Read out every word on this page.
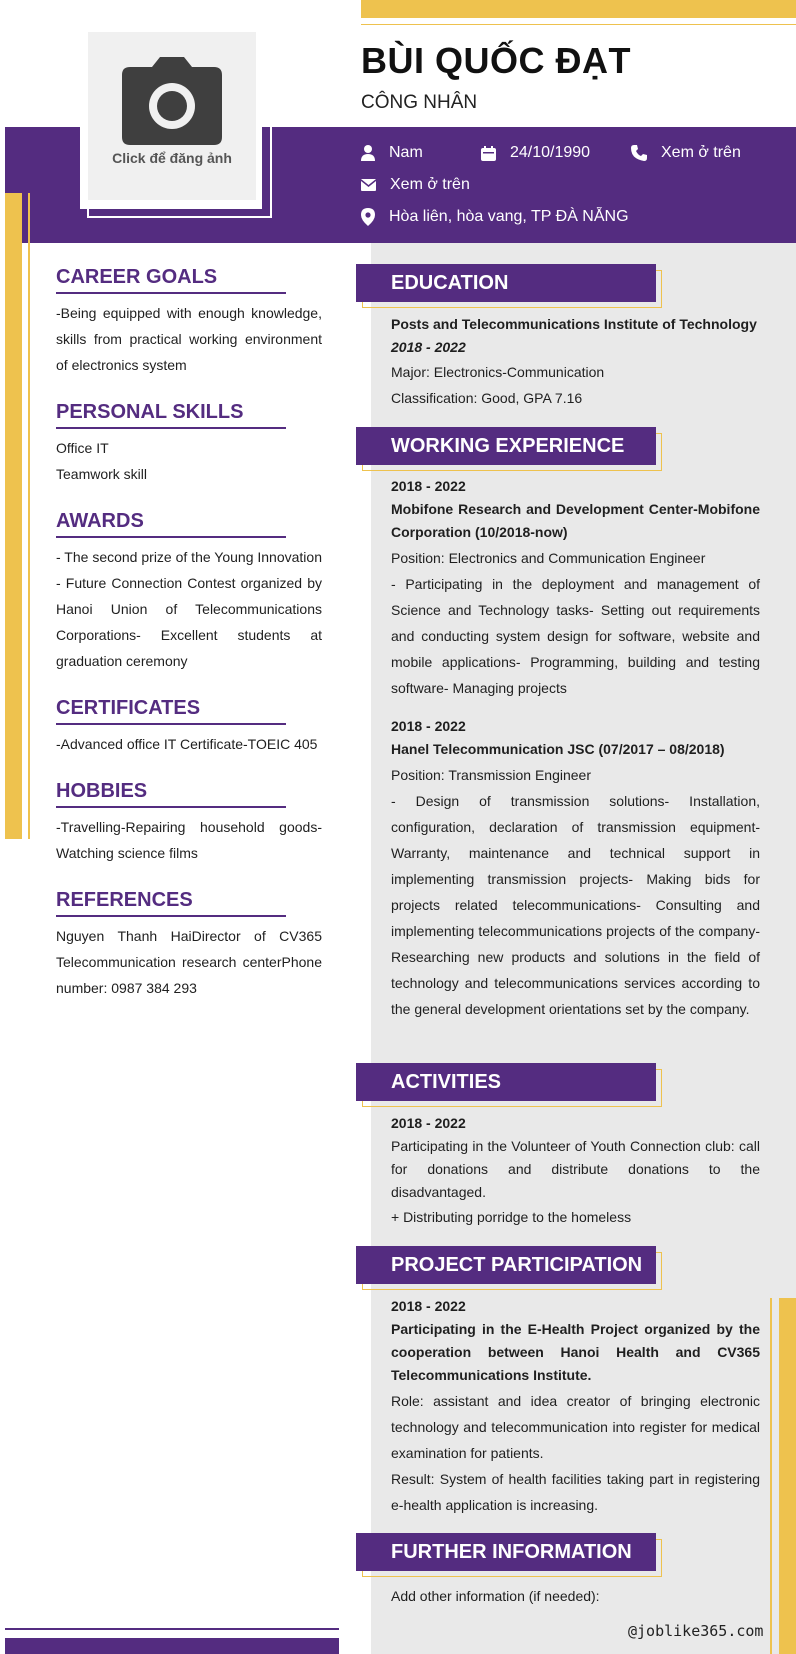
Click để đăng ảnh
BÙI QUỐC ĐẠT
CÔNG NHÂN
Nam	24/10/1990	Xem ở trên
Xem ở trên
Hòa liên, hòa vang, TP ĐÀ NẴNG
CAREER GOALS
-Being equipped with enough knowledge, skills from practical working environment of electronics system
PERSONAL SKILLS
Office IT
Teamwork skill
AWARDS
- The second prize of the Young Innovation - Future Connection Contest organized by Hanoi Union of Telecommunications Corporations- Excellent students at graduation ceremony
CERTIFICATES
-Advanced office IT Certificate-TOEIC 405
HOBBIES
-Travelling-Repairing household goods-Watching science films
REFERENCES
Nguyen Thanh HaiDirector of CV365 Telecommunication research centerPhone number: 0987 384 293
EDUCATION
Posts and Telecommunications Institute of Technology
2018 - 2022
Major: Electronics-Communication
Classification: Good, GPA 7.16
WORKING EXPERIENCE
2018 - 2022
Mobifone Research and Development Center-Mobifone Corporation (10/2018-now)
Position: Electronics and Communication Engineer
- Participating in the deployment and management of Science and Technology tasks- Setting out requirements and conducting system design for software, website and mobile applications- Programming, building and testing software- Managing projects
2018 - 2022
Hanel Telecommunication JSC (07/2017 – 08/2018)
Position: Transmission Engineer
- Design of transmission solutions- Installation, configuration, declaration of transmission equipment- Warranty, maintenance and technical support in implementing transmission projects- Making bids for projects related telecommunications- Consulting and implementing telecommunications projects of the company- Researching new products and solutions in the field of technology and telecommunications services according to the general development orientations set by the company.
ACTIVITIES
2018 - 2022
Participating in the Volunteer of Youth Connection club: call for donations and distribute donations to the disadvantaged.
+ Distributing porridge to the homeless
PROJECT PARTICIPATION
2018 - 2022
Participating in the E-Health Project organized by the cooperation between Hanoi Health and CV365 Telecommunications Institute.
Role: assistant and idea creator of bringing electronic technology and telecommunication into register for medical examination for patients.
Result: System of health facilities taking part in registering e-health application is increasing.
FURTHER INFORMATION
Add other information (if needed):
@joblike365.com
